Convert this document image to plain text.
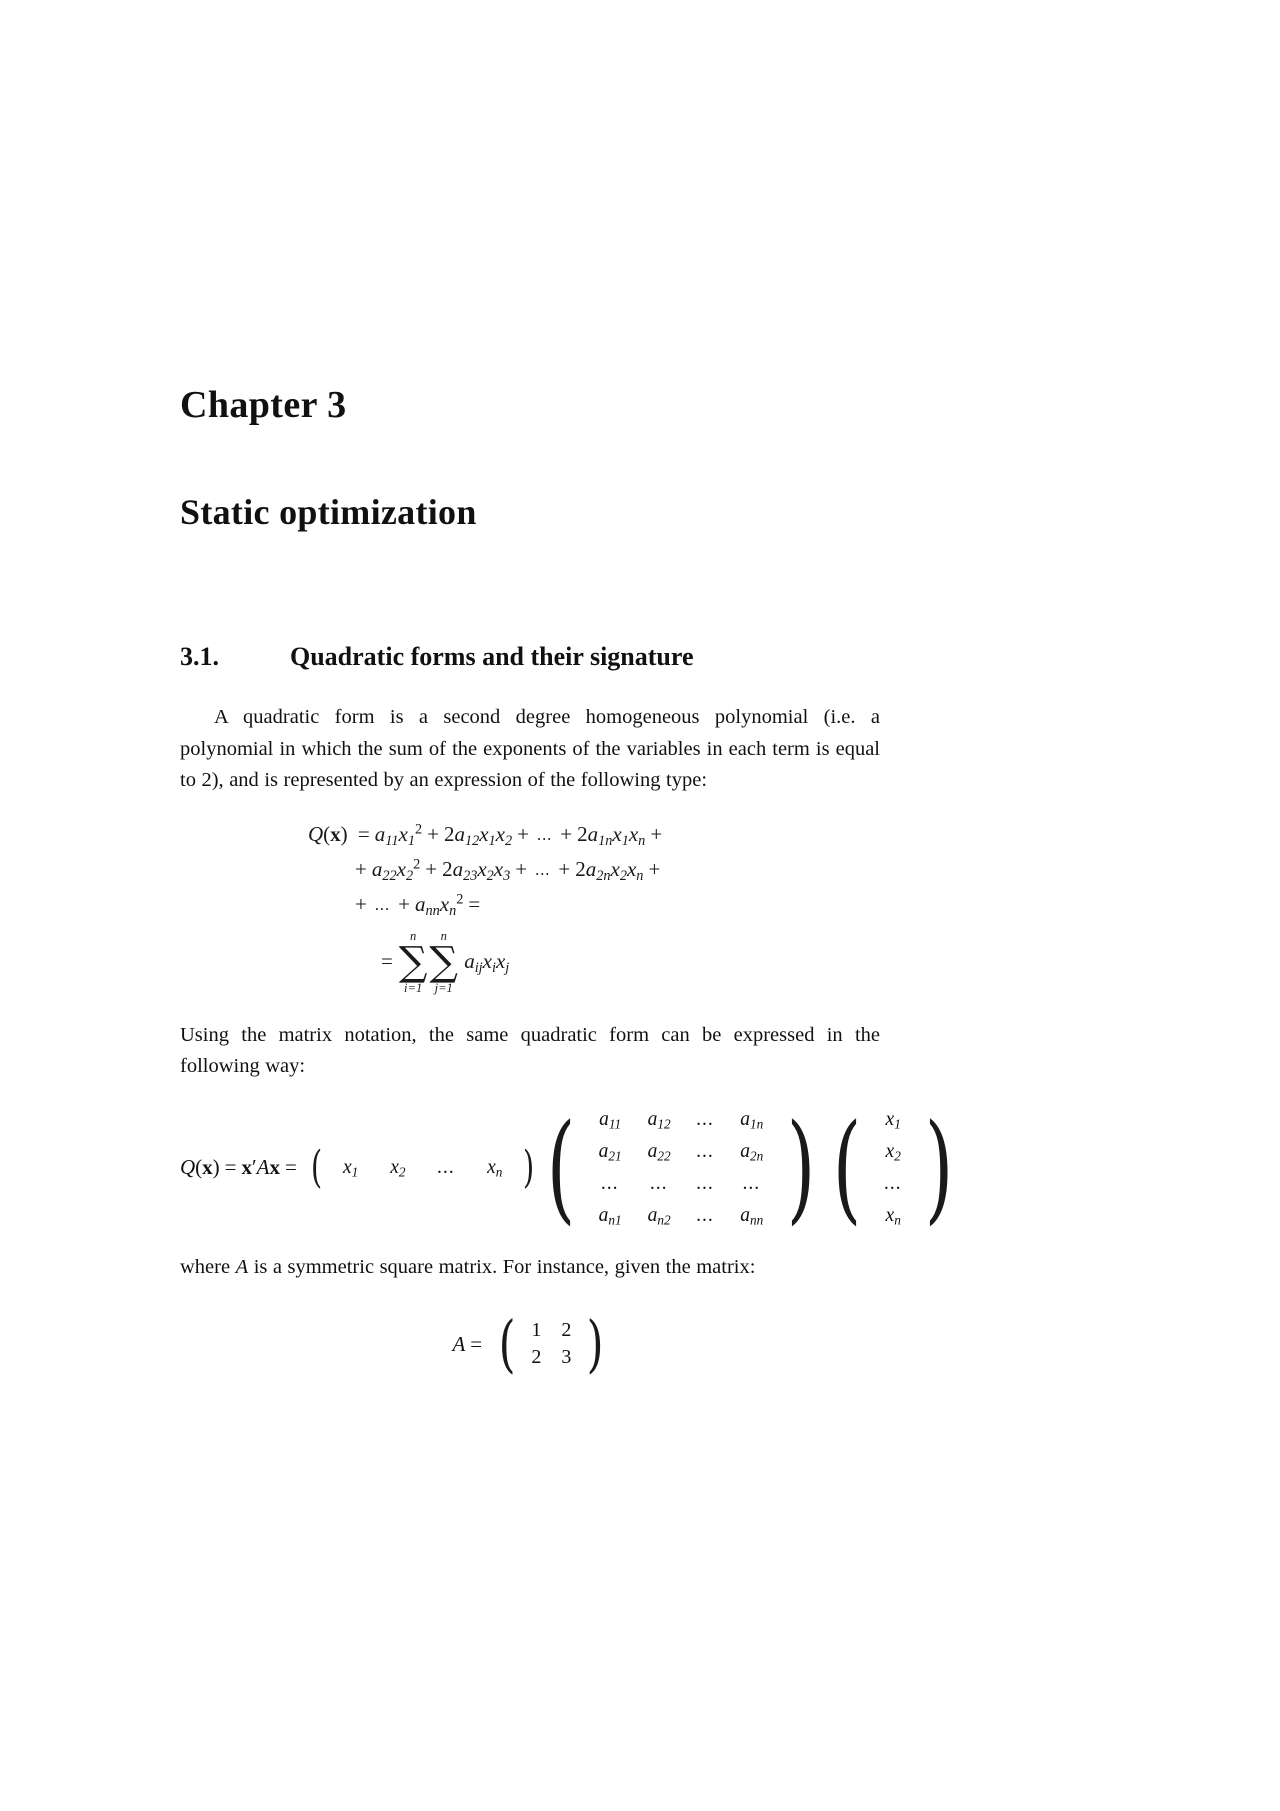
Chapter 3
Static optimization
3.1.	Quadratic forms and their signature

A quadratic form is a second degree homogeneous polynomial (i.e. a polynomial in which the sum of the exponents of the variables in each term is equal to 2), and is represented by an expression of the following type:

$Q(x) = a_{11}x_1^2 + 2a_{12}x_1x_2$ + ... + $2a_{1n}x_1x_n$ +
+ $a_{22}x_2^2 + 2a_{23}x_2x_3$ + ... + $2a_{2n}x_2x_n$ +
+ ... + $a_{nn}x_n^2$ =
=
n
∑
i=1
n
∑
j=1
$a_{ij}x_ix_j$

Using the matrix notation, the same quadratic form can be expressed in the following way:

Q(x) = x′Ax = ( $x_1$	$x_2$	...	$x_n$ ) ( $a_{11}$	$a_{12}$	...	$a_{1n}$
$a_{21}$	$a_{22}$	...	$a_{2n}$
...	...	...	...
$a_{n1}$	$a_{n2}$	...	$a_{nn}$ ) ( $x_1$
$x_2$
...
$x_n$ )

where A is a symmetric square matrix. For instance, given the matrix:

A = ( 1	2
2	3 )
